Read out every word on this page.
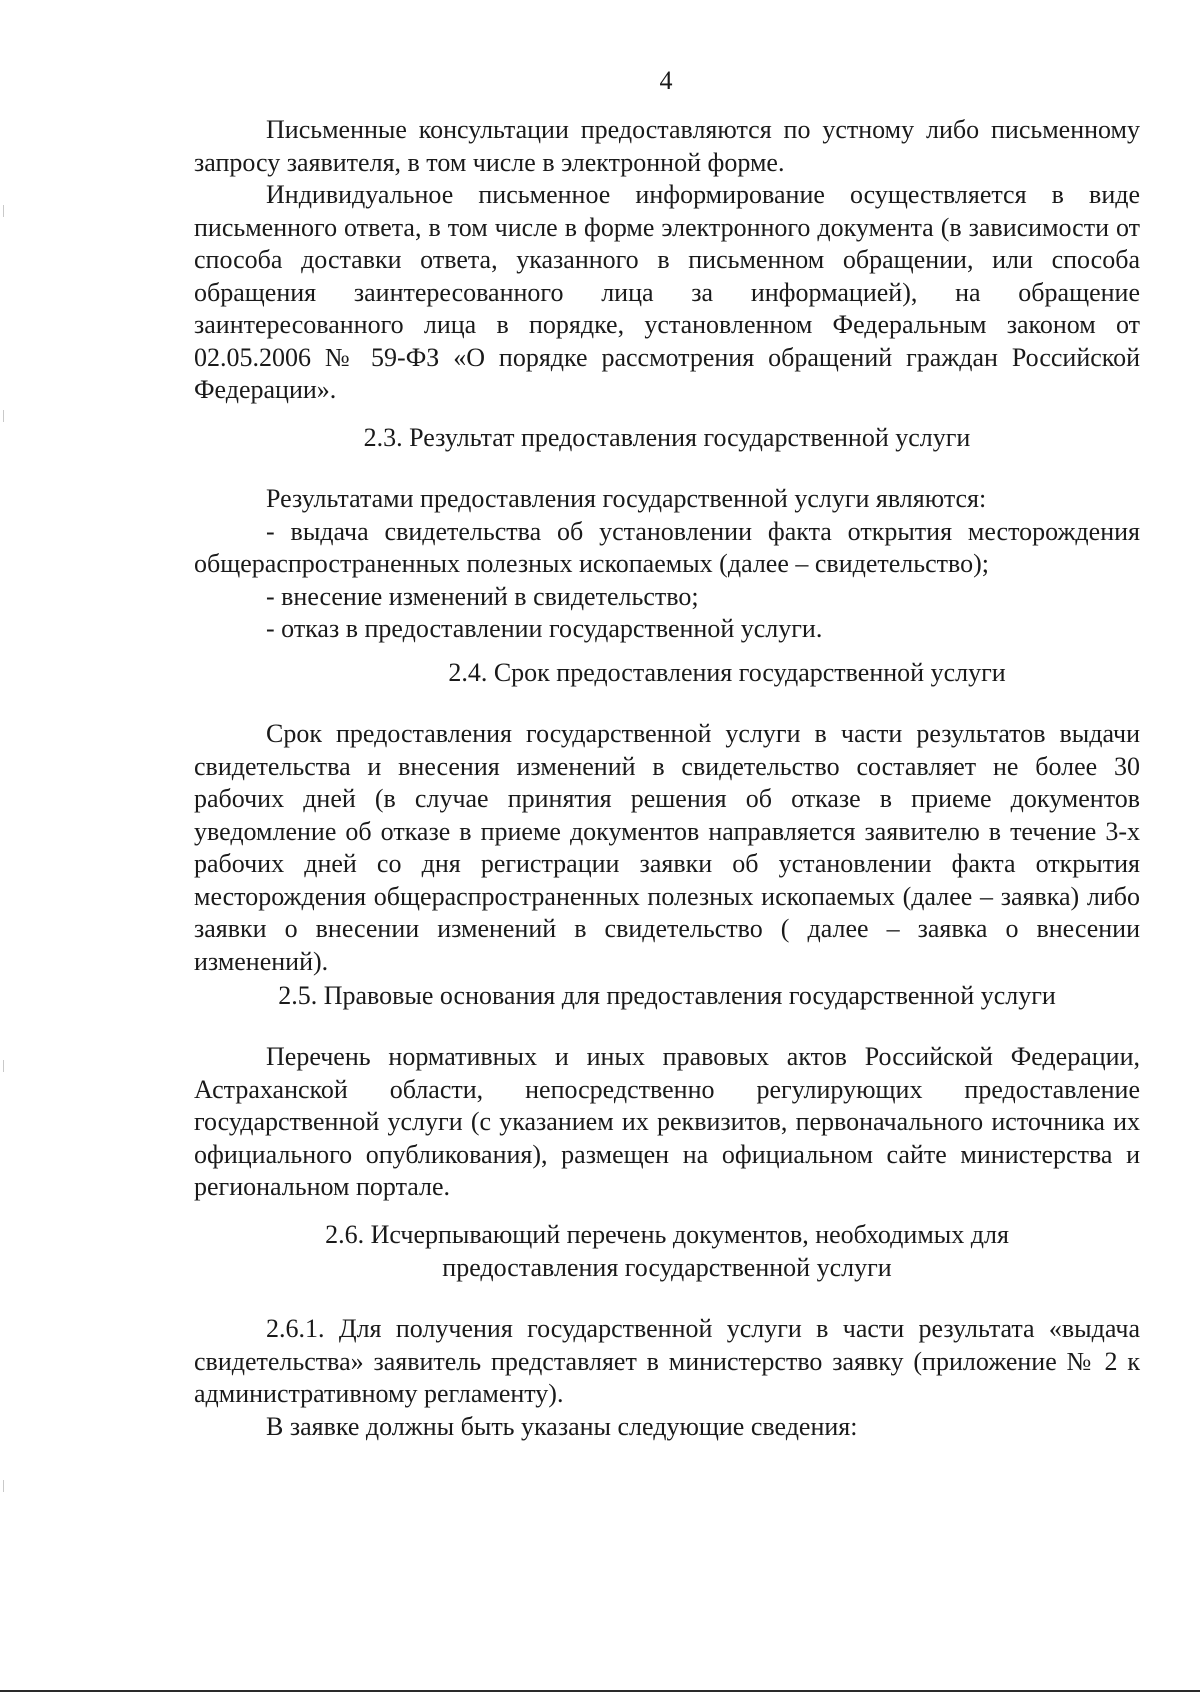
4

Письменные консультации предоставляются по устному либо письменному запросу заявителя, в том числе в электронной форме.

Индивидуальное письменное информирование осуществляется в виде письменного ответа, в том числе в форме электронного документа (в зависимости от способа доставки ответа, указанного в письменном обращении, или способа обращения заинтересованного лица за информацией), на обращение заинтересованного лица в порядке, установленном Федеральным законом от 02.05.2006 № 59-ФЗ «О порядке рассмотрения обращений граждан Российской Федерации».

2.3. Результат предоставления государственной услуги

Результатами предоставления государственной услуги являются:

- выдача свидетельства об установлении факта открытия месторождения общераспространенных полезных ископаемых (далее – свидетельство);

- внесение изменений в свидетельство;

- отказ в предоставлении государственной услуги.

2.4. Срок предоставления государственной услуги

Срок предоставления государственной услуги в части результатов выдачи свидетельства и внесения изменений в свидетельство составляет не более 30 рабочих дней (в случае принятия решения об отказе в приеме документов уведомление об отказе в приеме документов направляется заявителю в течение 3-х рабочих дней со дня регистрации заявки об установлении факта открытия месторождения общераспространенных полезных ископаемых (далее – заявка) либо заявки о внесении изменений в свидетельство ( далее – заявка о внесении изменений).

2.5. Правовые основания для предоставления государственной услуги

Перечень нормативных и иных правовых актов Российской Федерации, Астраханской области, непосредственно регулирующих предоставление государственной услуги (с указанием их реквизитов, первоначального источника их официального опубликования), размещен на официальном сайте министерства и региональном портале.

2.6. Исчерпывающий перечень документов, необходимых для
предоставления государственной услуги

2.6.1. Для получения государственной услуги в части результата «выдача свидетельства» заявитель представляет в министерство заявку (приложение № 2 к административному регламенту).

В заявке должны быть указаны следующие сведения:
